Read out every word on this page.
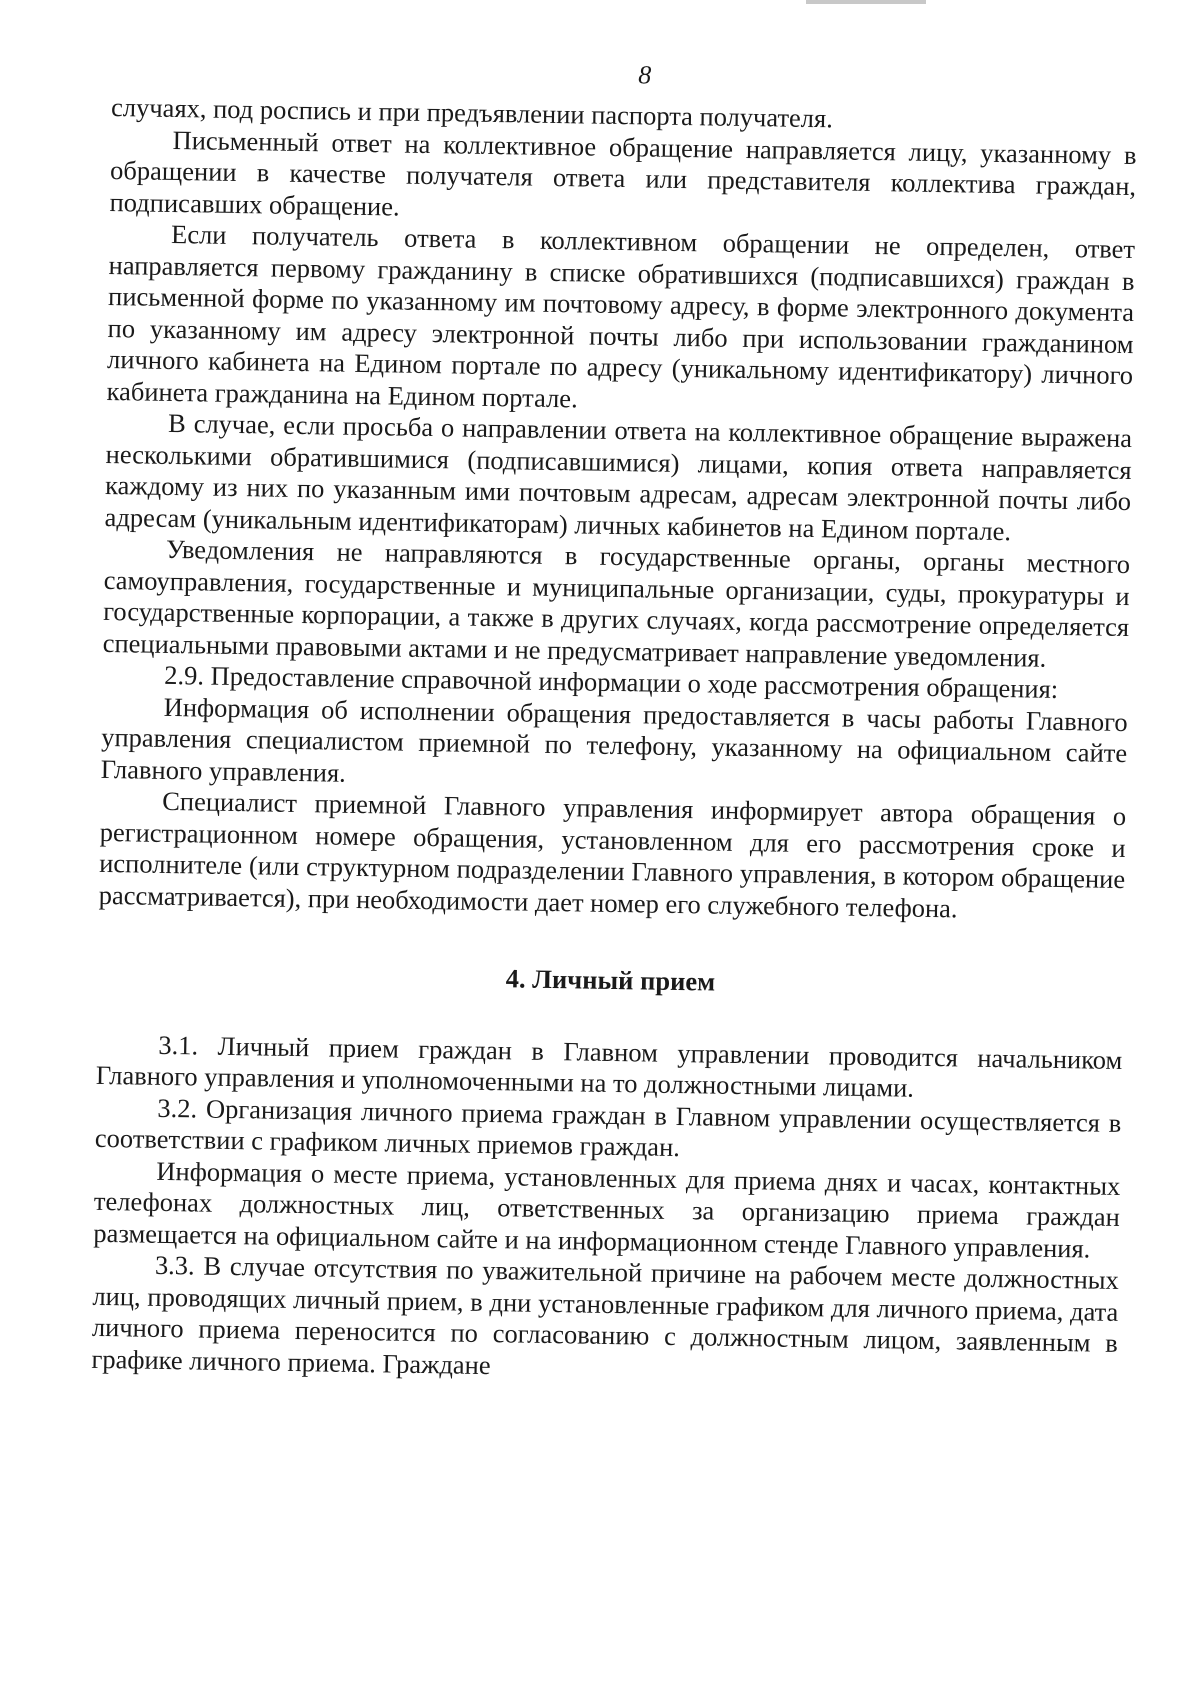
8

случаях, под роспись и при предъявлении паспорта получателя.

Письменный ответ на коллективное обращение направляется лицу, указанному в обращении в качестве получателя ответа или представителя коллектива граждан, подписавших обращение.

Если получатель ответа в коллективном обращении не определен, ответ направляется первому гражданину в списке обратившихся (подписавшихся) граждан в письменной форме по указанному им почтовому адресу, в форме электронного документа по указанному им адресу электронной почты либо при использовании гражданином личного кабинета на Едином портале по адресу (уникальному идентификатору) личного кабинета гражданина на Едином портале.

В случае, если просьба о направлении ответа на коллективное обращение выражена несколькими обратившимися (подписавшимися) лицами, копия ответа направляется каждому из них по указанным ими почтовым адресам, адресам электронной почты либо адресам (уникальным идентификаторам) личных кабинетов на Едином портале.

Уведомления не направляются в государственные органы, органы местного самоуправления, государственные и муниципальные организации, суды, прокуратуры и государственные корпорации, а также в других случаях, когда рассмотрение определяется специальными правовыми актами и не предусматривает направление уведомления.

2.9. Предоставление справочной информации о ходе рассмотрения обращения:

Информация об исполнении обращения предоставляется в часы работы Главного управления специалистом приемной по телефону, указанному на официальном сайте Главного управления.

Специалист приемной Главного управления информирует автора обращения о регистрационном номере обращения, установленном для его рассмотрения сроке и исполнителе (или структурном подразделении Главного управления, в котором обращение рассматривается), при необходимости дает номер его служебного телефона.

4. Личный прием

3.1. Личный прием граждан в Главном управлении проводится начальником Главного управления и уполномоченными на то должностными лицами.

3.2. Организация личного приема граждан в Главном управлении осуществляется в соответствии с графиком личных приемов граждан.

Информация о месте приема, установленных для приема днях и часах, контактных телефонах должностных лиц, ответственных за организацию приема граждан размещается на официальном сайте и на информационном стенде Главного управления.

3.3. В случае отсутствия по уважительной причине на рабочем месте должностных лиц, проводящих личный прием, в дни установленные графиком для личного приема, дата личного приема переносится по согласованию с должностным лицом, заявленным в графике личного приема. Граждане
